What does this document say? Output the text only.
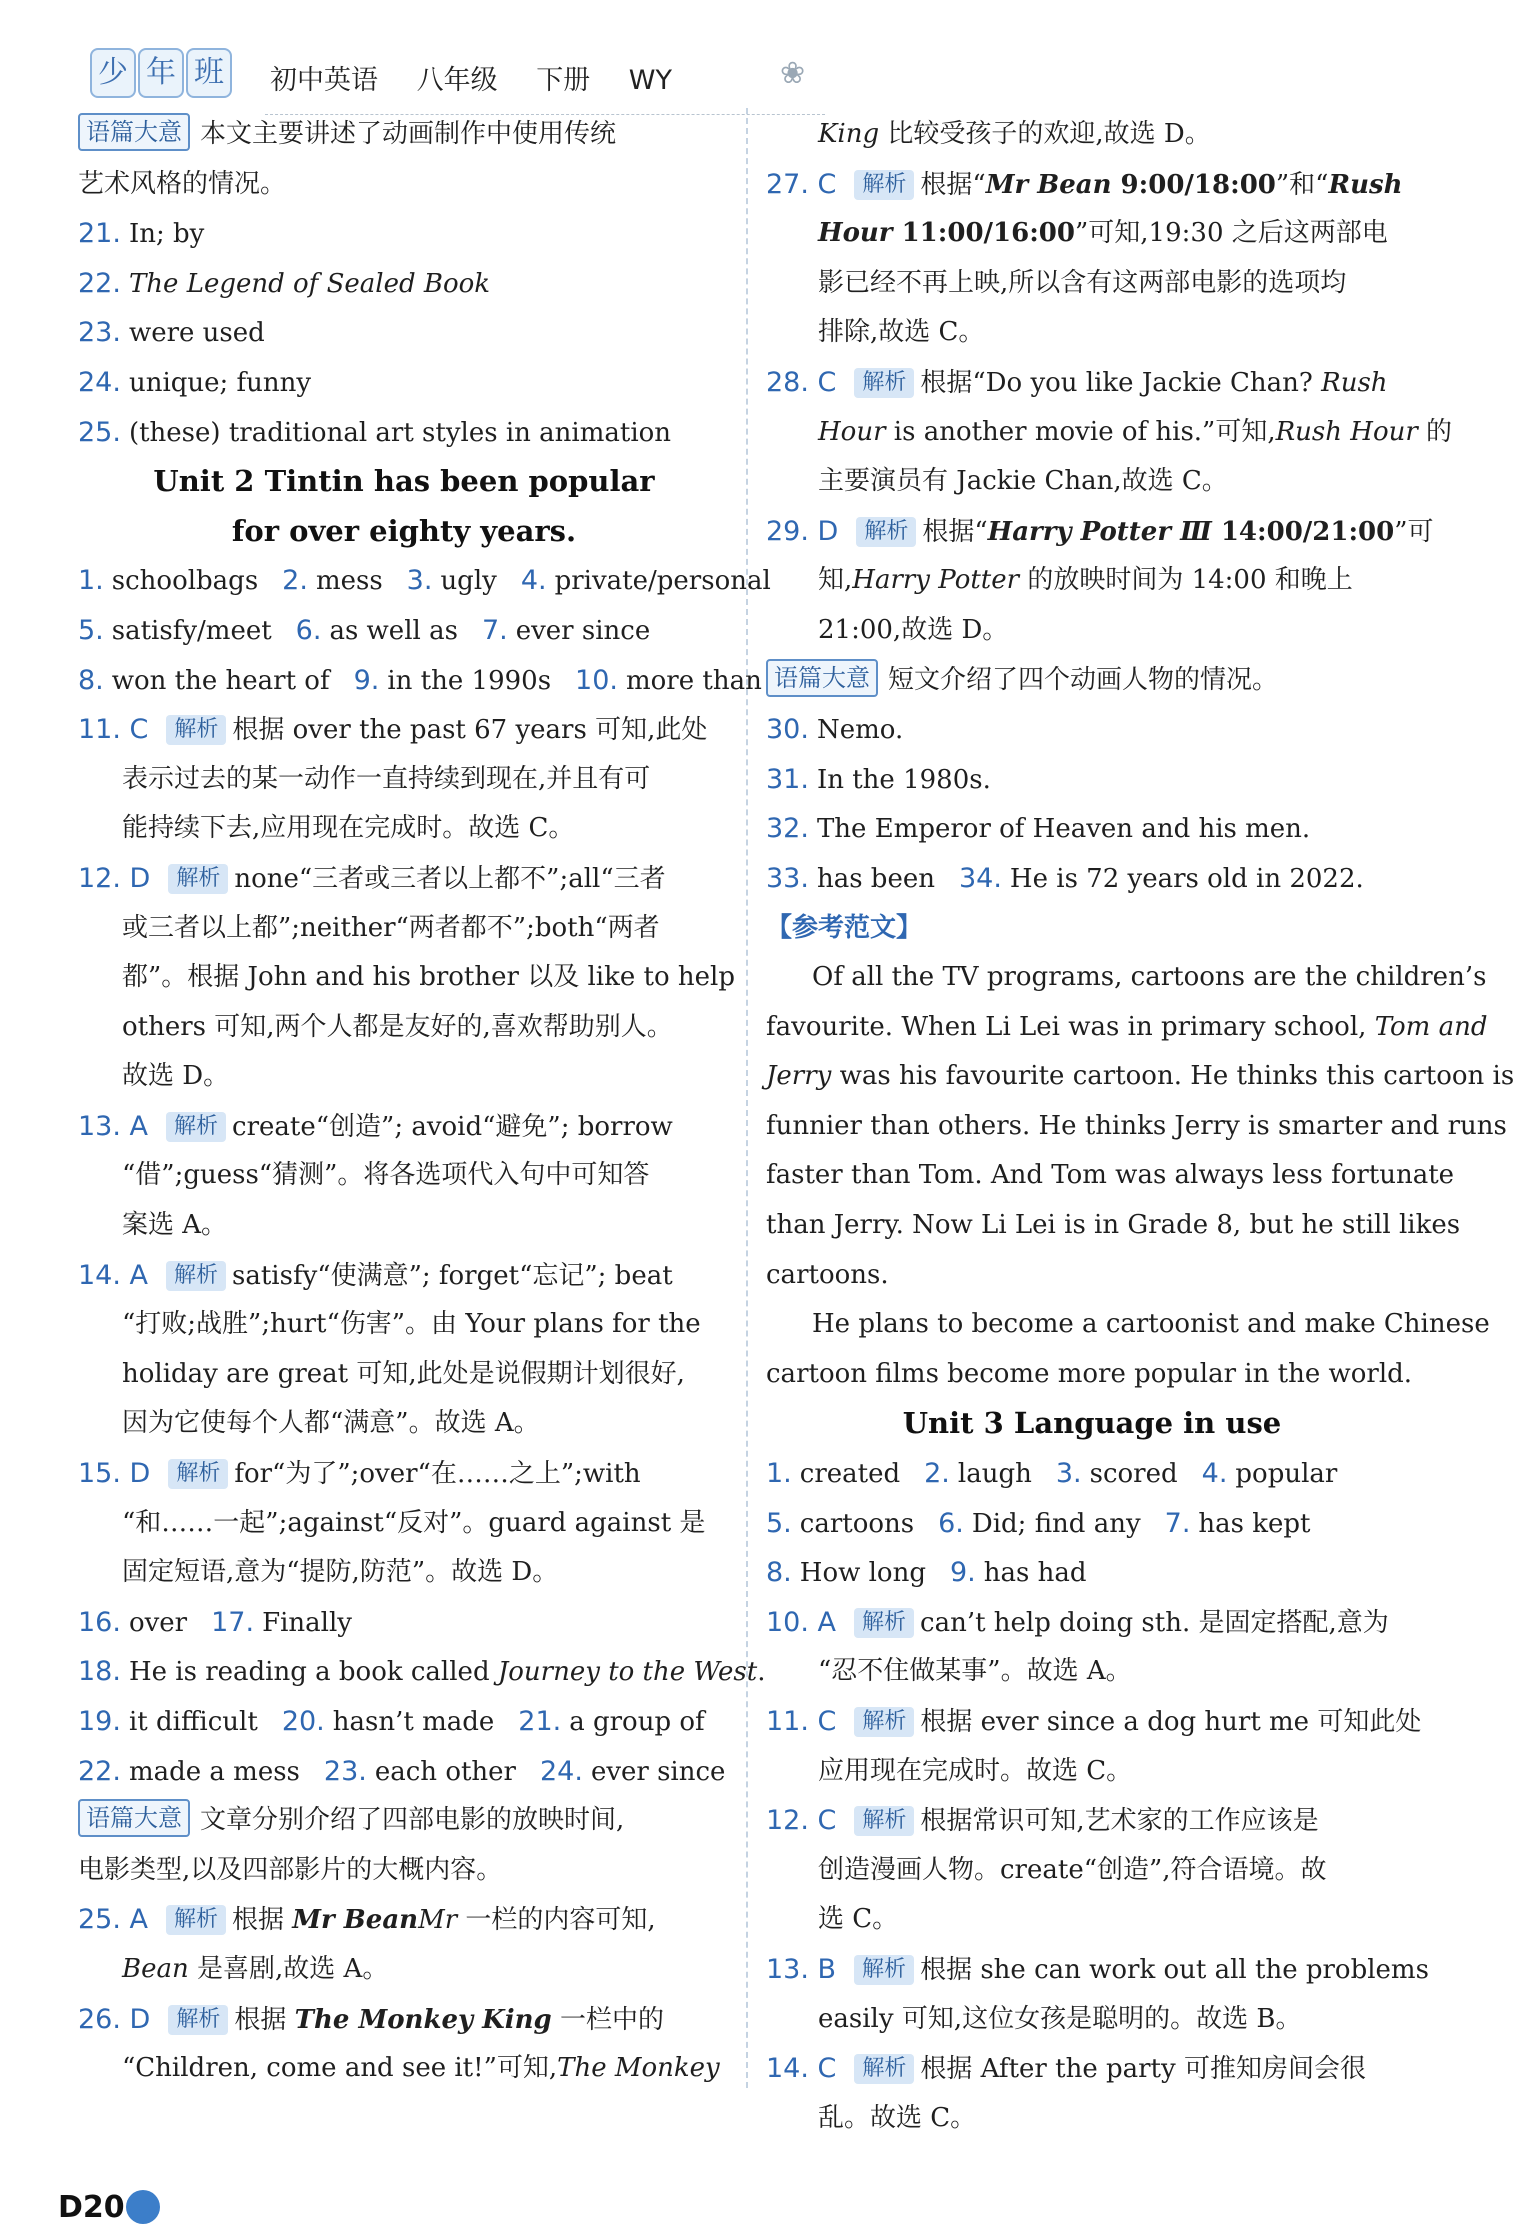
少 年 班 初中英语 八年级 下册 WY	❀
语篇大意 本文主要讲述了动画制作中使用传统
艺术风格的情况。
21. In; by
22. The Legend of Sealed Book
23. were used
24. unique; funny
25. (these) traditional art styles in animation
Unit 2 Tintin has been popular
for over eighty years.
1. schoolbags 2. mess 3. ugly 4. private/personal
5. satisfy/meet 6. as well as 7. ever since
8. won the heart of 9. in the 1990s 10. more than
11. C 解析 根据 over the past 67 years 可知,此处
表示过去的某一动作一直持续到现在,并且有可
能持续下去,应用现在完成时。故选 C。
12. D 解析 none“三者或三者以上都不”;all“三者
或三者以上都”;neither“两者都不”;both“两者
都”。根据 John and his brother 以及 like to help
others 可知,两个人都是友好的,喜欢帮助别人。
故选 D。
13. A 解析 create“创造”; avoid“避免”; borrow
“借”;guess“猜测”。将各选项代入句中可知答
案选 A。
14. A 解析 satisfy“使满意”; forget“忘记”; beat
“打败;战胜”;hurt“伤害”。由 Your plans for the
holiday are great 可知,此处是说假期计划很好,
因为它使每个人都“满意”。故选 A。
15. D 解析 for“为了”;over“在……之上”;with
“和……一起”;against“反对”。guard against 是
固定短语,意为“提防,防范”。故选 D。
16. over 17. Finally
18. He is reading a book called Journey to the West.
19. it difficult 20. hasn’t made 21. a group of
22. made a mess 23. each other 24. ever since
语篇大意 文章分别介绍了四部电影的放映时间,
电影类型,以及四部影片的大概内容。
25. A 解析 根据 Mr BeanMr 一栏的内容可知,
Bean 是喜剧,故选 A。
26. D 解析 根据 The Monkey King 一栏中的
“Children, come and see it!”可知,The Monkey
King 比较受孩子的欢迎,故选 D。
27. C 解析 根据“Mr Bean 9:00/18:00”和“Rush
Hour 11:00/16:00”可知,19:30 之后这两部电
影已经不再上映,所以含有这两部电影的选项均
排除,故选 C。
28. C 解析 根据“Do you like Jackie Chan? Rush
Hour is another movie of his.”可知,Rush Hour 的
主要演员有 Jackie Chan,故选 C。
29. D 解析 根据“Harry Potter Ⅲ 14:00/21:00”可
知,Harry Potter 的放映时间为 14:00 和晚上
21:00,故选 D。
语篇大意 短文介绍了四个动画人物的情况。
30. Nemo.
31. In the 1980s.
32. The Emperor of Heaven and his men.
33. has been 34. He is 72 years old in 2022.
【参考范文】
Of all the TV programs, cartoons are the children’s
favourite. When Li Lei was in primary school, Tom and
Jerry was his favourite cartoon. He thinks this cartoon is
funnier than others. He thinks Jerry is smarter and runs
faster than Tom. And Tom was always less fortunate
than Jerry. Now Li Lei is in Grade 8, but he still likes
cartoons.
He plans to become a cartoonist and make Chinese
cartoon films become more popular in the world.
Unit 3 Language in use
1. created 2. laugh 3. scored 4. popular
5. cartoons 6. Did; find any 7. has kept
8. How long 9. has had
10. A 解析 can’t help doing sth. 是固定搭配,意为
“忍不住做某事”。故选 A。
11. C 解析 根据 ever since a dog hurt me 可知此处
应用现在完成时。故选 C。
12. C 解析 根据常识可知,艺术家的工作应该是
创造漫画人物。create“创造”,符合语境。故
选 C。
13. B 解析 根据 she can work out all the problems
easily 可知,这位女孩是聪明的。故选 B。
14. C 解析 根据 After the party 可推知房间会很
乱。故选 C。
D20
